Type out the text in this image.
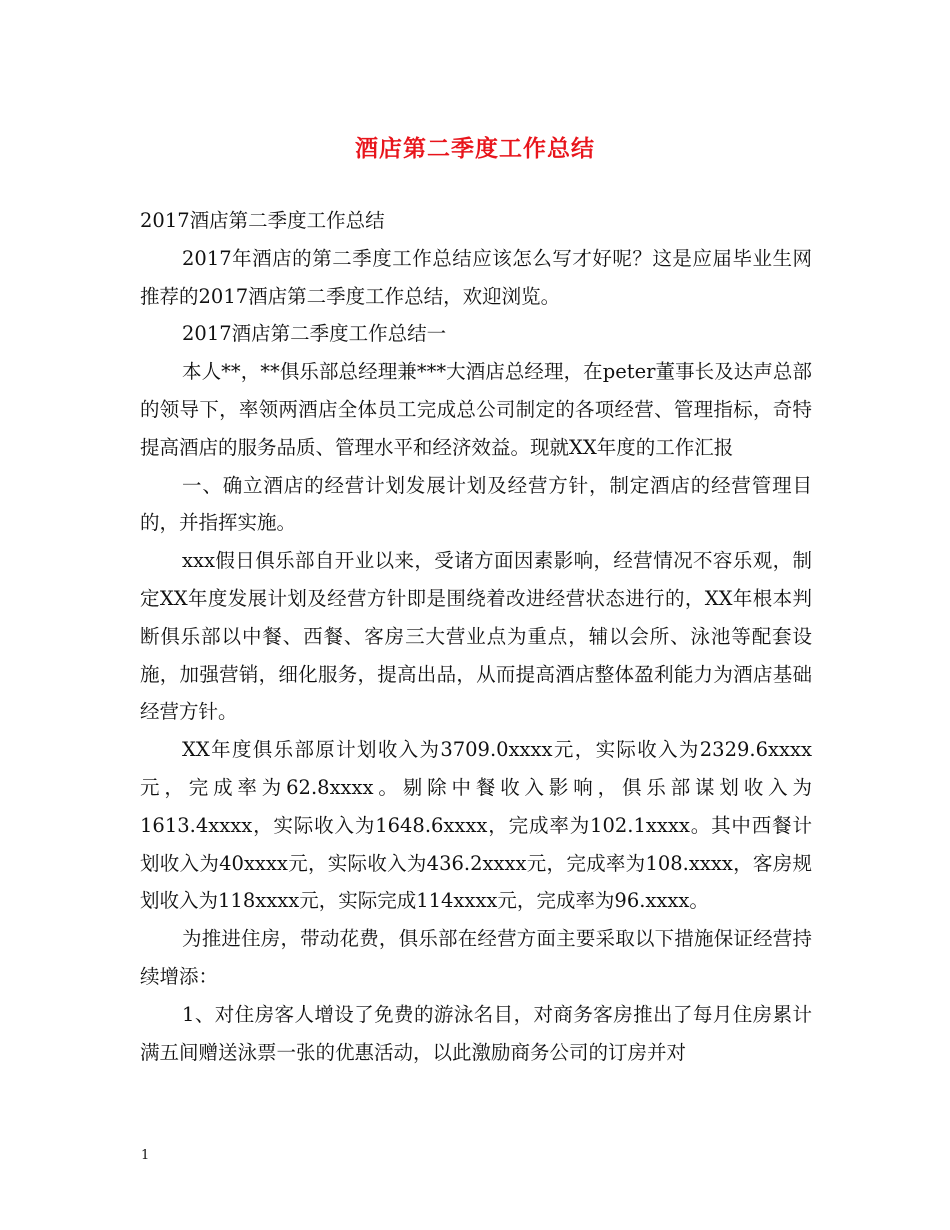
酒店第二季度工作总结

2017酒店第二季度工作总结

2017年酒店的第二季度工作总结应该怎么写才好呢？这是应届毕业生网推荐的2017酒店第二季度工作总结，欢迎浏览。

2017酒店第二季度工作总结一

本人**，**俱乐部总经理兼***大酒店总经理，在peter董事长及达声总部的领导下，率领两酒店全体员工完成总公司制定的各项经营、管理指标，奇特提高酒店的服务品质、管理水平和经济效益。现就XX年度的工作汇报

一、确立酒店的经营计划发展计划及经营方针，制定酒店的经营管理目的，并指挥实施。

xxx假日俱乐部自开业以来，受诸方面因素影响，经营情况不容乐观，制定XX年度发展计划及经营方针即是围绕着改进经营状态进行的，XX年根本判断俱乐部以中餐、西餐、客房三大营业点为重点，辅以会所、泳池等配套设施，加强营销，细化服务，提高出品，从而提高酒店整体盈利能力为酒店基础经营方针。

XX年度俱乐部原计划收入为3709.0xxxx元，实际收入为2329.6xxxx元，完成率为62.8xxxx。剔除中餐收入影响，俱乐部谋划收入为1613.4xxxx，实际收入为1648.6xxxx，完成率为102.1xxxx。其中西餐计划收入为40xxxx元，实际收入为436.2xxxx元，完成率为108.xxxx，客房规划收入为118xxxx元，实际完成114xxxx元，完成率为96.xxxx。

为推进住房，带动花费，俱乐部在经营方面主要采取以下措施保证经营持续增添：

1、对住房客人增设了免费的游泳名目，对商务客房推出了每月住房累计满五间赠送泳票一张的优惠活动，以此激励商务公司的订房并对

1
